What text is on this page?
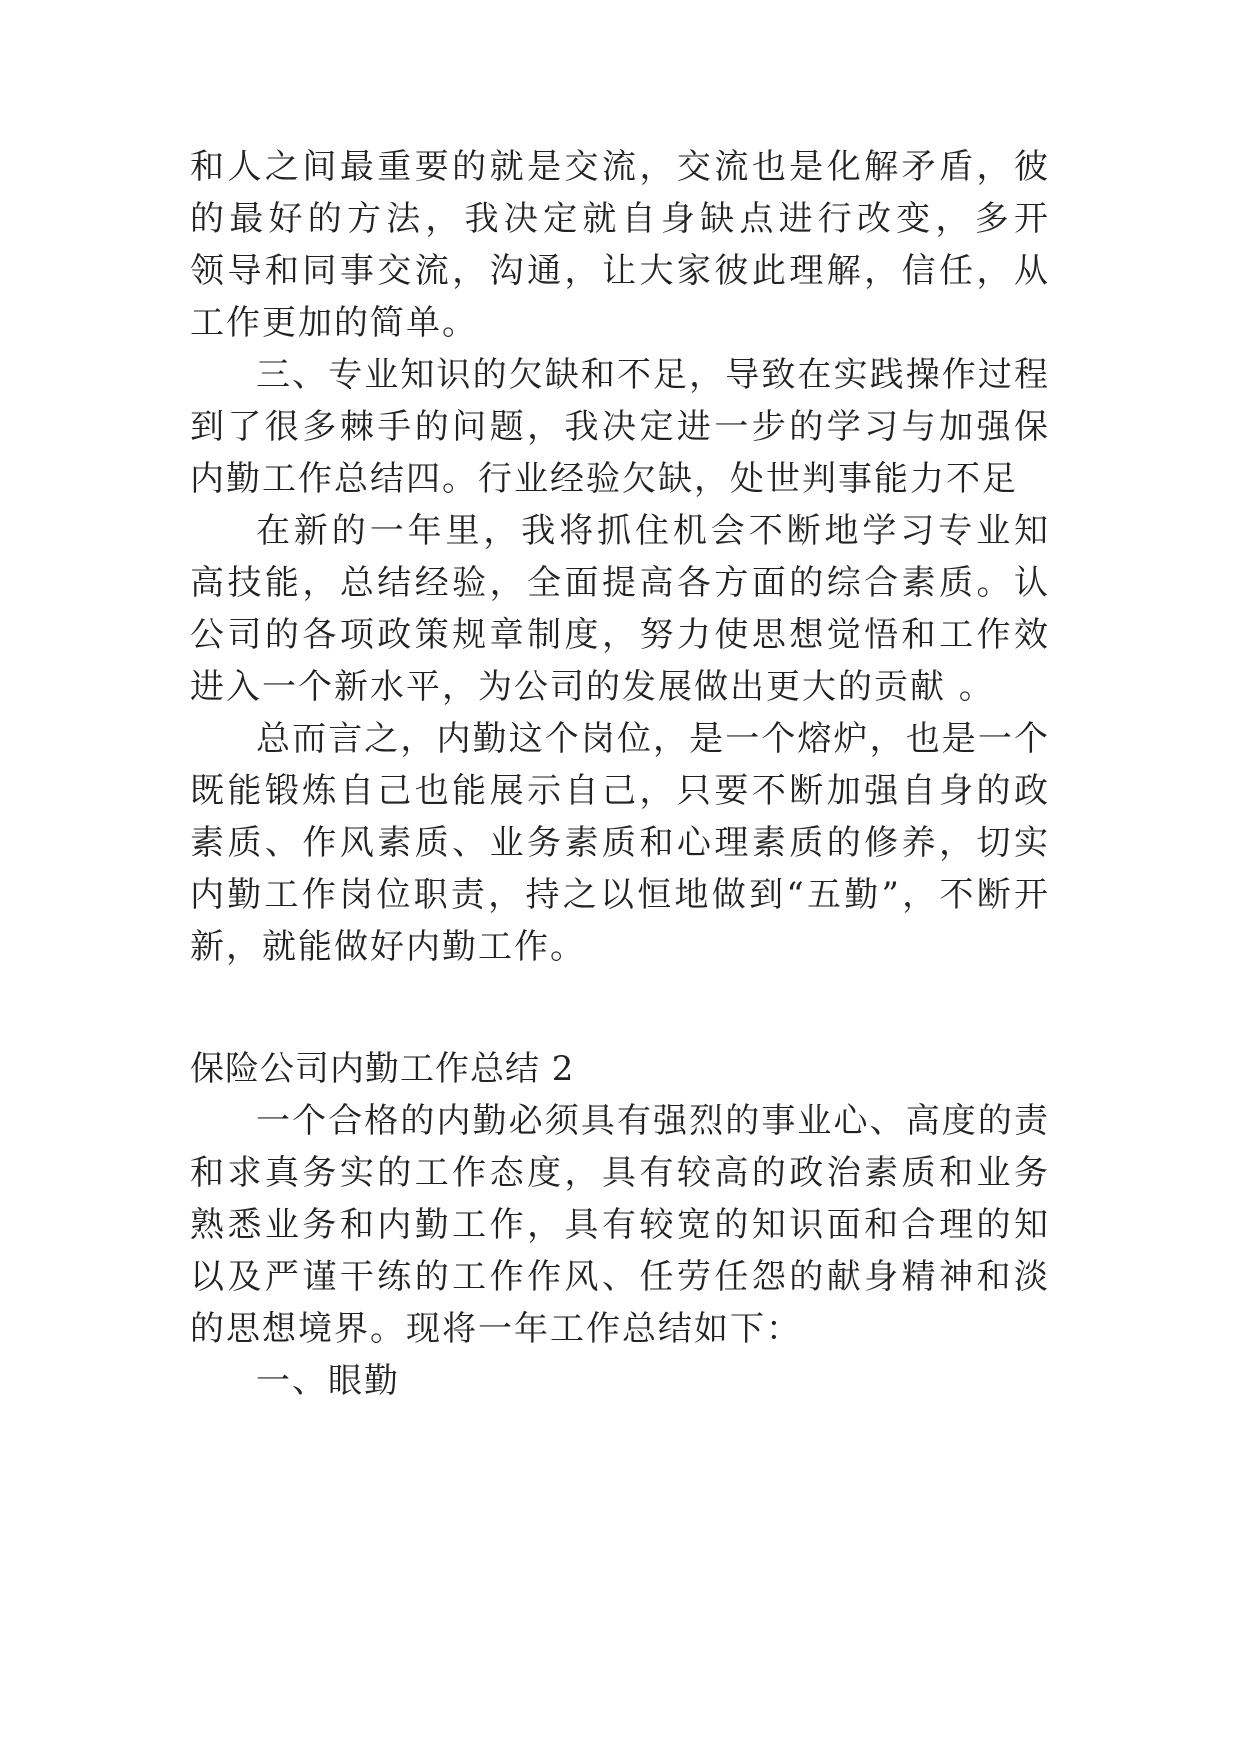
和人之间最重要的就是交流，交流也是化解矛盾，彼
的最好的方法，我决定就自身缺点进行改变，多开
领导和同事交流，沟通，让大家彼此理解，信任，从
工作更加的简单。
三、专业知识的欠缺和不足，导致在实践操作过程
到了很多棘手的问题，我决定进一步的学习与加强保
内勤工作总结四。行业经验欠缺，处世判事能力不足
在新的一年里，我将抓住机会不断地学习专业知
高技能，总结经验，全面提高各方面的综合素质。认
公司的各项政策规章制度，努力使思想觉悟和工作效
进入一个新水平，为公司的发展做出更大的贡献 。
总而言之，内勤这个岗位，是一个熔炉，也是一个
既能锻炼自己也能展示自己，只要不断加强自身的政
素质、作风素质、业务素质和心理素质的修养，切实
内勤工作岗位职责，持之以恒地做到“五勤”，不断开
新，就能做好内勤工作。
保险公司内勤工作总结 2
一个合格的内勤必须具有强烈的事业心、高度的责
和求真务实的工作态度，具有较高的政治素质和业务
熟悉业务和内勤工作，具有较宽的知识面和合理的知
以及严谨干练的工作作风、任劳任怨的献身精神和淡
的思想境界。现将一年工作总结如下：
一、眼勤
